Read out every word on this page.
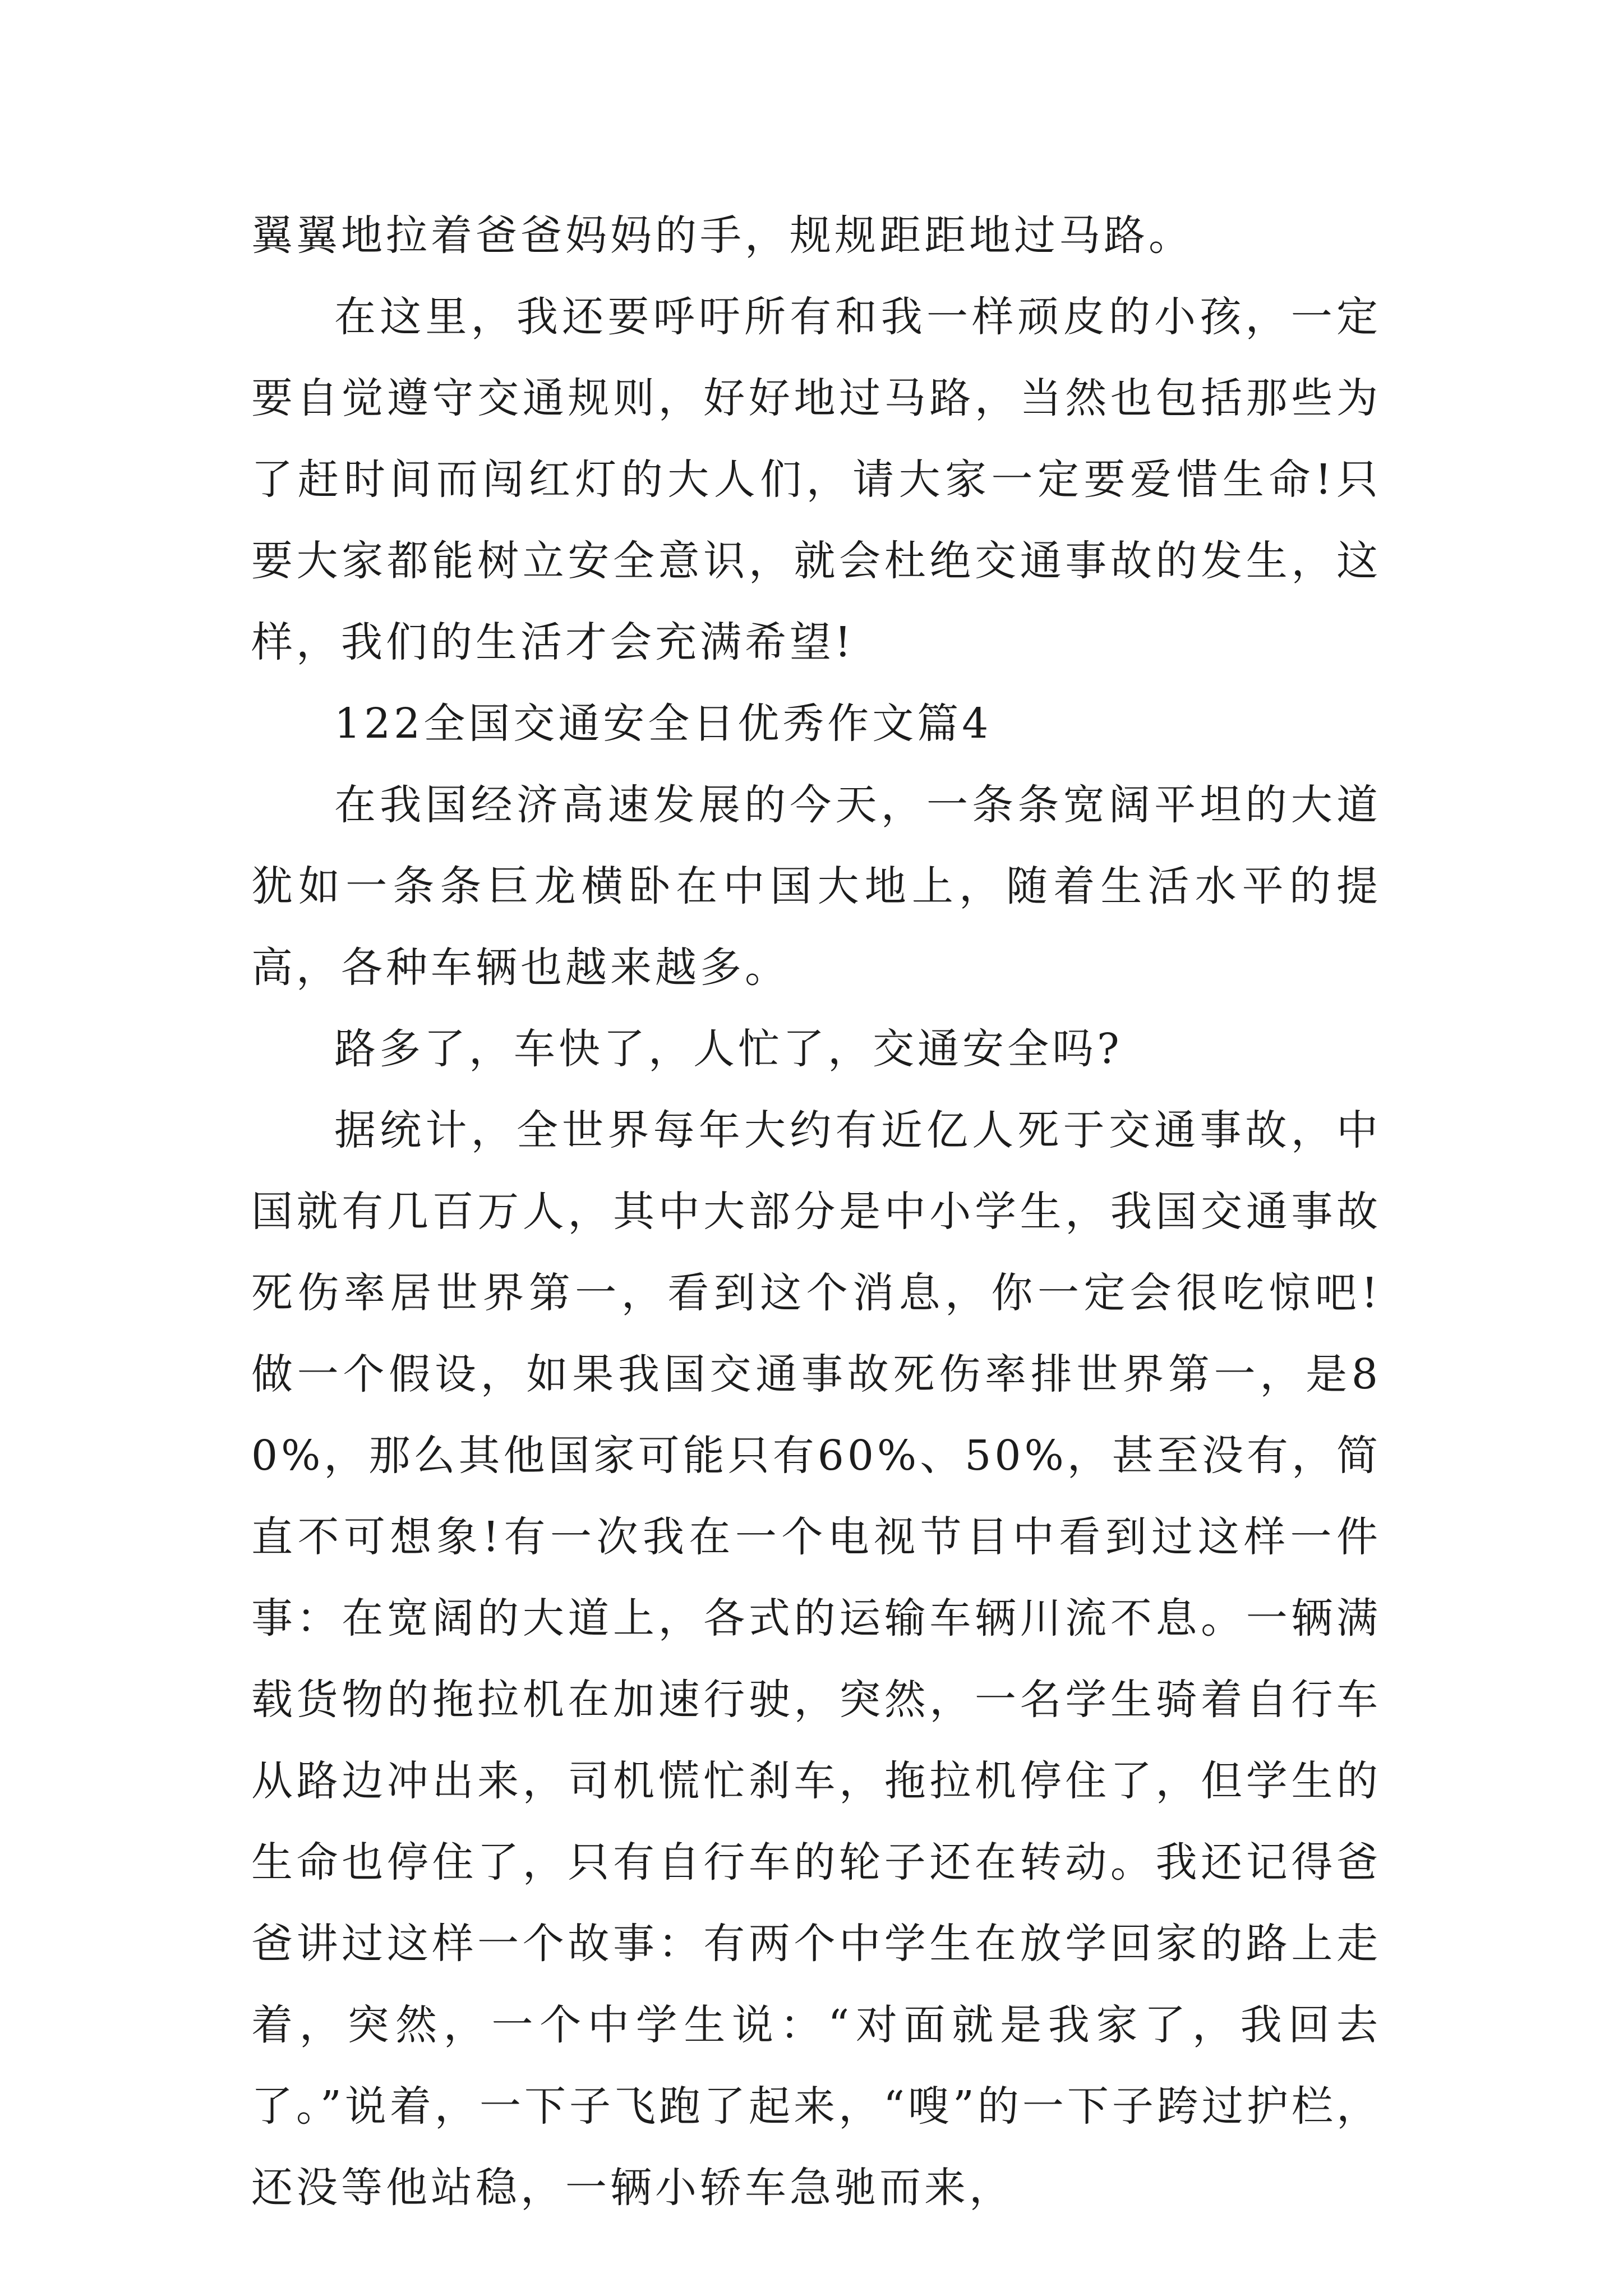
翼翼地拉着爸爸妈妈的手，规规距距地过马路。

在这里，我还要呼吁所有和我一样顽皮的小孩，一定要自觉遵守交通规则，好好地过马路，当然也包括那些为了赶时间而闯红灯的大人们，请大家一定要爱惜生命!只要大家都能树立安全意识，就会杜绝交通事故的发生，这样，我们的生活才会充满希望!

122全国交通安全日优秀作文篇4

在我国经济高速发展的今天，一条条宽阔平坦的大道犹如一条条巨龙横卧在中国大地上，随着生活水平的提高，各种车辆也越来越多。

路多了，车快了，人忙了，交通安全吗?

据统计，全世界每年大约有近亿人死于交通事故，中国就有几百万人，其中大部分是中小学生，我国交通事故死伤率居世界第一，看到这个消息，你一定会很吃惊吧!做一个假设，如果我国交通事故死伤率排世界第一，是80%，那么其他国家可能只有60%、50%，甚至没有，简直不可想象!有一次我在一个电视节目中看到过这样一件事：在宽阔的大道上，各式的运输车辆川流不息。一辆满载货物的拖拉机在加速行驶，突然，一名学生骑着自行车从路边冲出来，司机慌忙刹车，拖拉机停住了，但学生的生命也停住了，只有自行车的轮子还在转动。我还记得爸爸讲过这样一个故事：有两个中学生在放学回家的路上走着，突然，一个中学生说：“对面就是我家了，我回去了。”说着，一下子飞跑了起来，“嗖”的一下子跨过护栏，还没等他站稳，一辆小轿车急驰而来，
